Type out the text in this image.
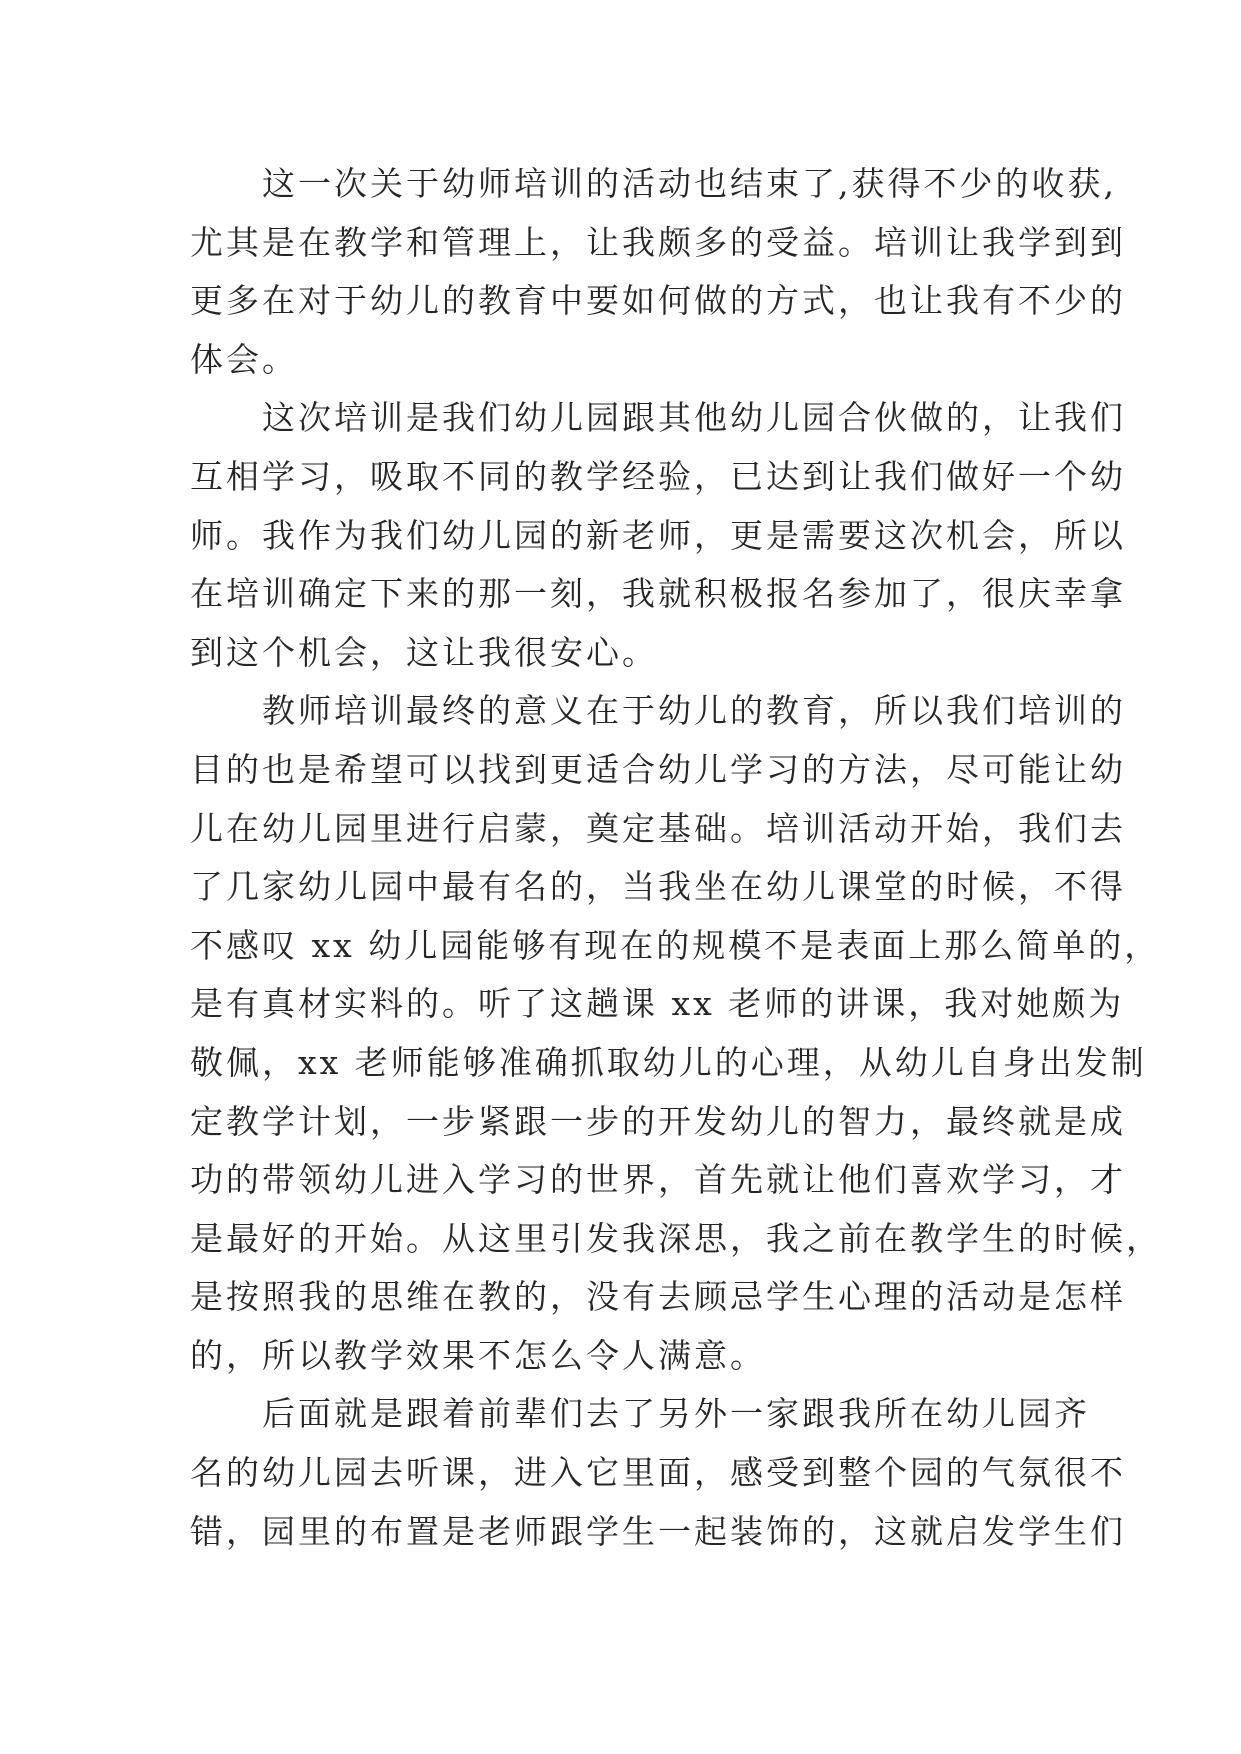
这一次关于幼师培训的活动也结束了,获得不少的收获,
尤其是在教学和管理上，让我颇多的受益。培训让我学到到
更多在对于幼儿的教育中要如何做的方式，也让我有不少的
体会。

这次培训是我们幼儿园跟其他幼儿园合伙做的，让我们
互相学习，吸取不同的教学经验，已达到让我们做好一个幼
师。我作为我们幼儿园的新老师，更是需要这次机会，所以
在培训确定下来的那一刻，我就积极报名参加了，很庆幸拿
到这个机会，这让我很安心。

教师培训最终的意义在于幼儿的教育，所以我们培训的
目的也是希望可以找到更适合幼儿学习的方法，尽可能让幼
儿在幼儿园里进行启蒙，奠定基础。培训活动开始，我们去
了几家幼儿园中最有名的，当我坐在幼儿课堂的时候，不得
不感叹 xx 幼儿园能够有现在的规模不是表面上那么简单的，
是有真材实料的。听了这趟课 xx 老师的讲课，我对她颇为
敬佩，xx 老师能够准确抓取幼儿的心理，从幼儿自身出发制
定教学计划，一步紧跟一步的开发幼儿的智力，最终就是成
功的带领幼儿进入学习的世界，首先就让他们喜欢学习，才
是最好的开始。从这里引发我深思，我之前在教学生的时候，
是按照我的思维在教的，没有去顾忌学生心理的活动是怎样
的，所以教学效果不怎么令人满意。

后面就是跟着前辈们去了另外一家跟我所在幼儿园齐
名的幼儿园去听课，进入它里面，感受到整个园的气氛很不
错，园里的布置是老师跟学生一起装饰的，这就启发学生们
